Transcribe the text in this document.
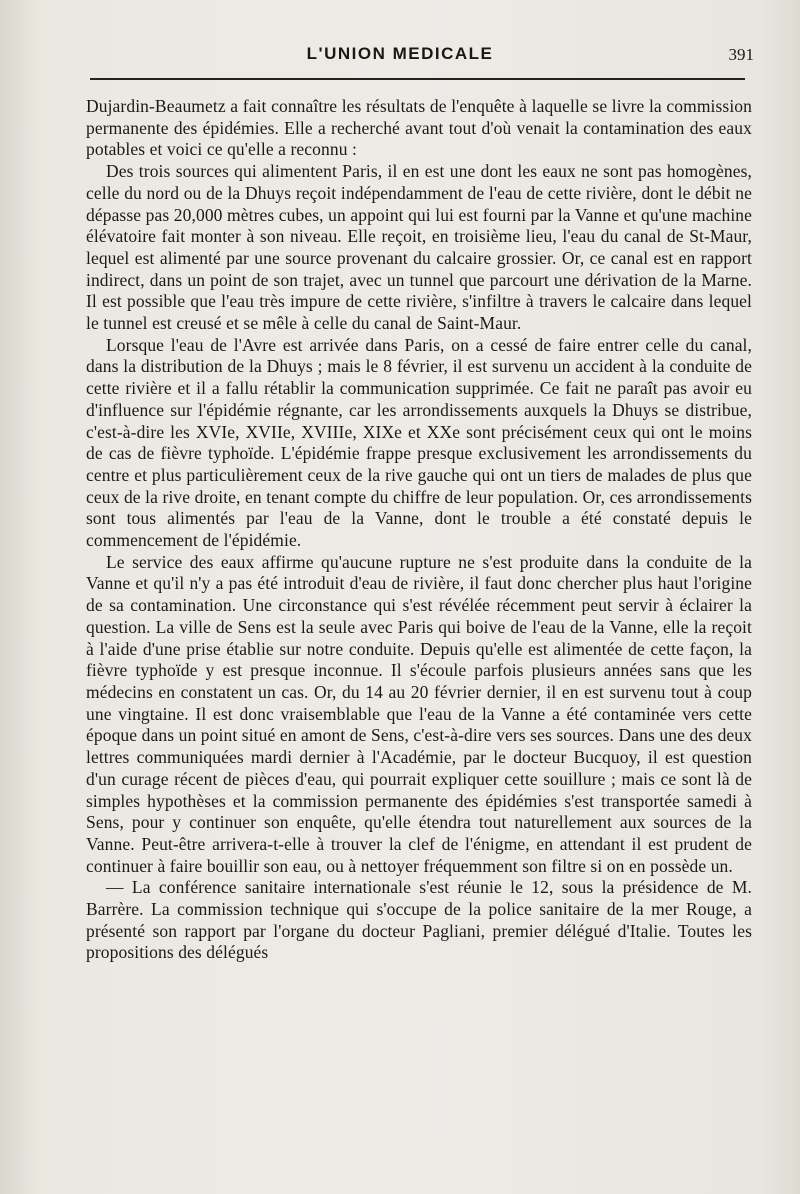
L'UNION MEDICALE	391

Dujardin-Beaumetz a fait connaître les résultats de l'enquête à laquelle se livre la commission permanente des épidémies. Elle a recherché avant tout d'où venait la contamination des eaux potables et voici ce qu'elle a reconnu :

Des trois sources qui alimentent Paris, il en est une dont les eaux ne sont pas homogènes, celle du nord ou de la Dhuys reçoit indépendamment de l'eau de cette rivière, dont le débit ne dépasse pas 20,000 mètres cubes, un appoint qui lui est fourni par la Vanne et qu'une machine élévatoire fait monter à son niveau. Elle reçoit, en troisième lieu, l'eau du canal de St-Maur, lequel est alimenté par une source provenant du calcaire grossier. Or, ce canal est en rapport indirect, dans un point de son trajet, avec un tunnel que parcourt une dérivation de la Marne. Il est possible que l'eau très impure de cette rivière, s'infiltre à travers le calcaire dans lequel le tunnel est creusé et se mêle à celle du canal de Saint-Maur.

Lorsque l'eau de l'Avre est arrivée dans Paris, on a cessé de faire entrer celle du canal, dans la distribution de la Dhuys ; mais le 8 février, il est survenu un accident à la conduite de cette rivière et il a fallu rétablir la communication supprimée. Ce fait ne paraît pas avoir eu d'influence sur l'épidémie régnante, car les arrondissements auxquels la Dhuys se distribue, c'est-à-dire les XVIe, XVIIe, XVIIIe, XIXe et XXe sont précisément ceux qui ont le moins de cas de fièvre typhoïde. L'épidémie frappe presque exclusivement les arrondissements du centre et plus particulièrement ceux de la rive gauche qui ont un tiers de malades de plus que ceux de la rive droite, en tenant compte du chiffre de leur population. Or, ces arrondissements sont tous alimentés par l'eau de la Vanne, dont le trouble a été constaté depuis le commencement de l'épidémie.

Le service des eaux affirme qu'aucune rupture ne s'est produite dans la conduite de la Vanne et qu'il n'y a pas été introduit d'eau de rivière, il faut donc chercher plus haut l'origine de sa contamination. Une circonstance qui s'est révélée récemment peut servir à éclairer la question. La ville de Sens est la seule avec Paris qui boive de l'eau de la Vanne, elle la reçoit à l'aide d'une prise établie sur notre conduite. Depuis qu'elle est alimentée de cette façon, la fièvre typhoïde y est presque inconnue. Il s'écoule parfois plusieurs années sans que les médecins en constatent un cas. Or, du 14 au 20 février dernier, il en est survenu tout à coup une vingtaine. Il est donc vraisemblable que l'eau de la Vanne a été contaminée vers cette époque dans un point situé en amont de Sens, c'est-à-dire vers ses sources. Dans une des deux lettres communiquées mardi dernier à l'Académie, par le docteur Bucquoy, il est question d'un curage récent de pièces d'eau, qui pourrait expliquer cette souillure ; mais ce sont là de simples hypothèses et la commission permanente des épidémies s'est transportée samedi à Sens, pour y continuer son enquête, qu'elle étendra tout naturellement aux sources de la Vanne. Peut-être arrivera-t-elle à trouver la clef de l'énigme, en attendant il est prudent de continuer à faire bouillir son eau, ou à nettoyer fréquemment son filtre si on en possède un.

— La conférence sanitaire internationale s'est réunie le 12, sous la présidence de M. Barrère. La commission technique qui s'occupe de la police sanitaire de la mer Rouge, a présenté son rapport par l'organe du docteur Pagliani, premier délégué d'Italie. Toutes les propositions des délégués
